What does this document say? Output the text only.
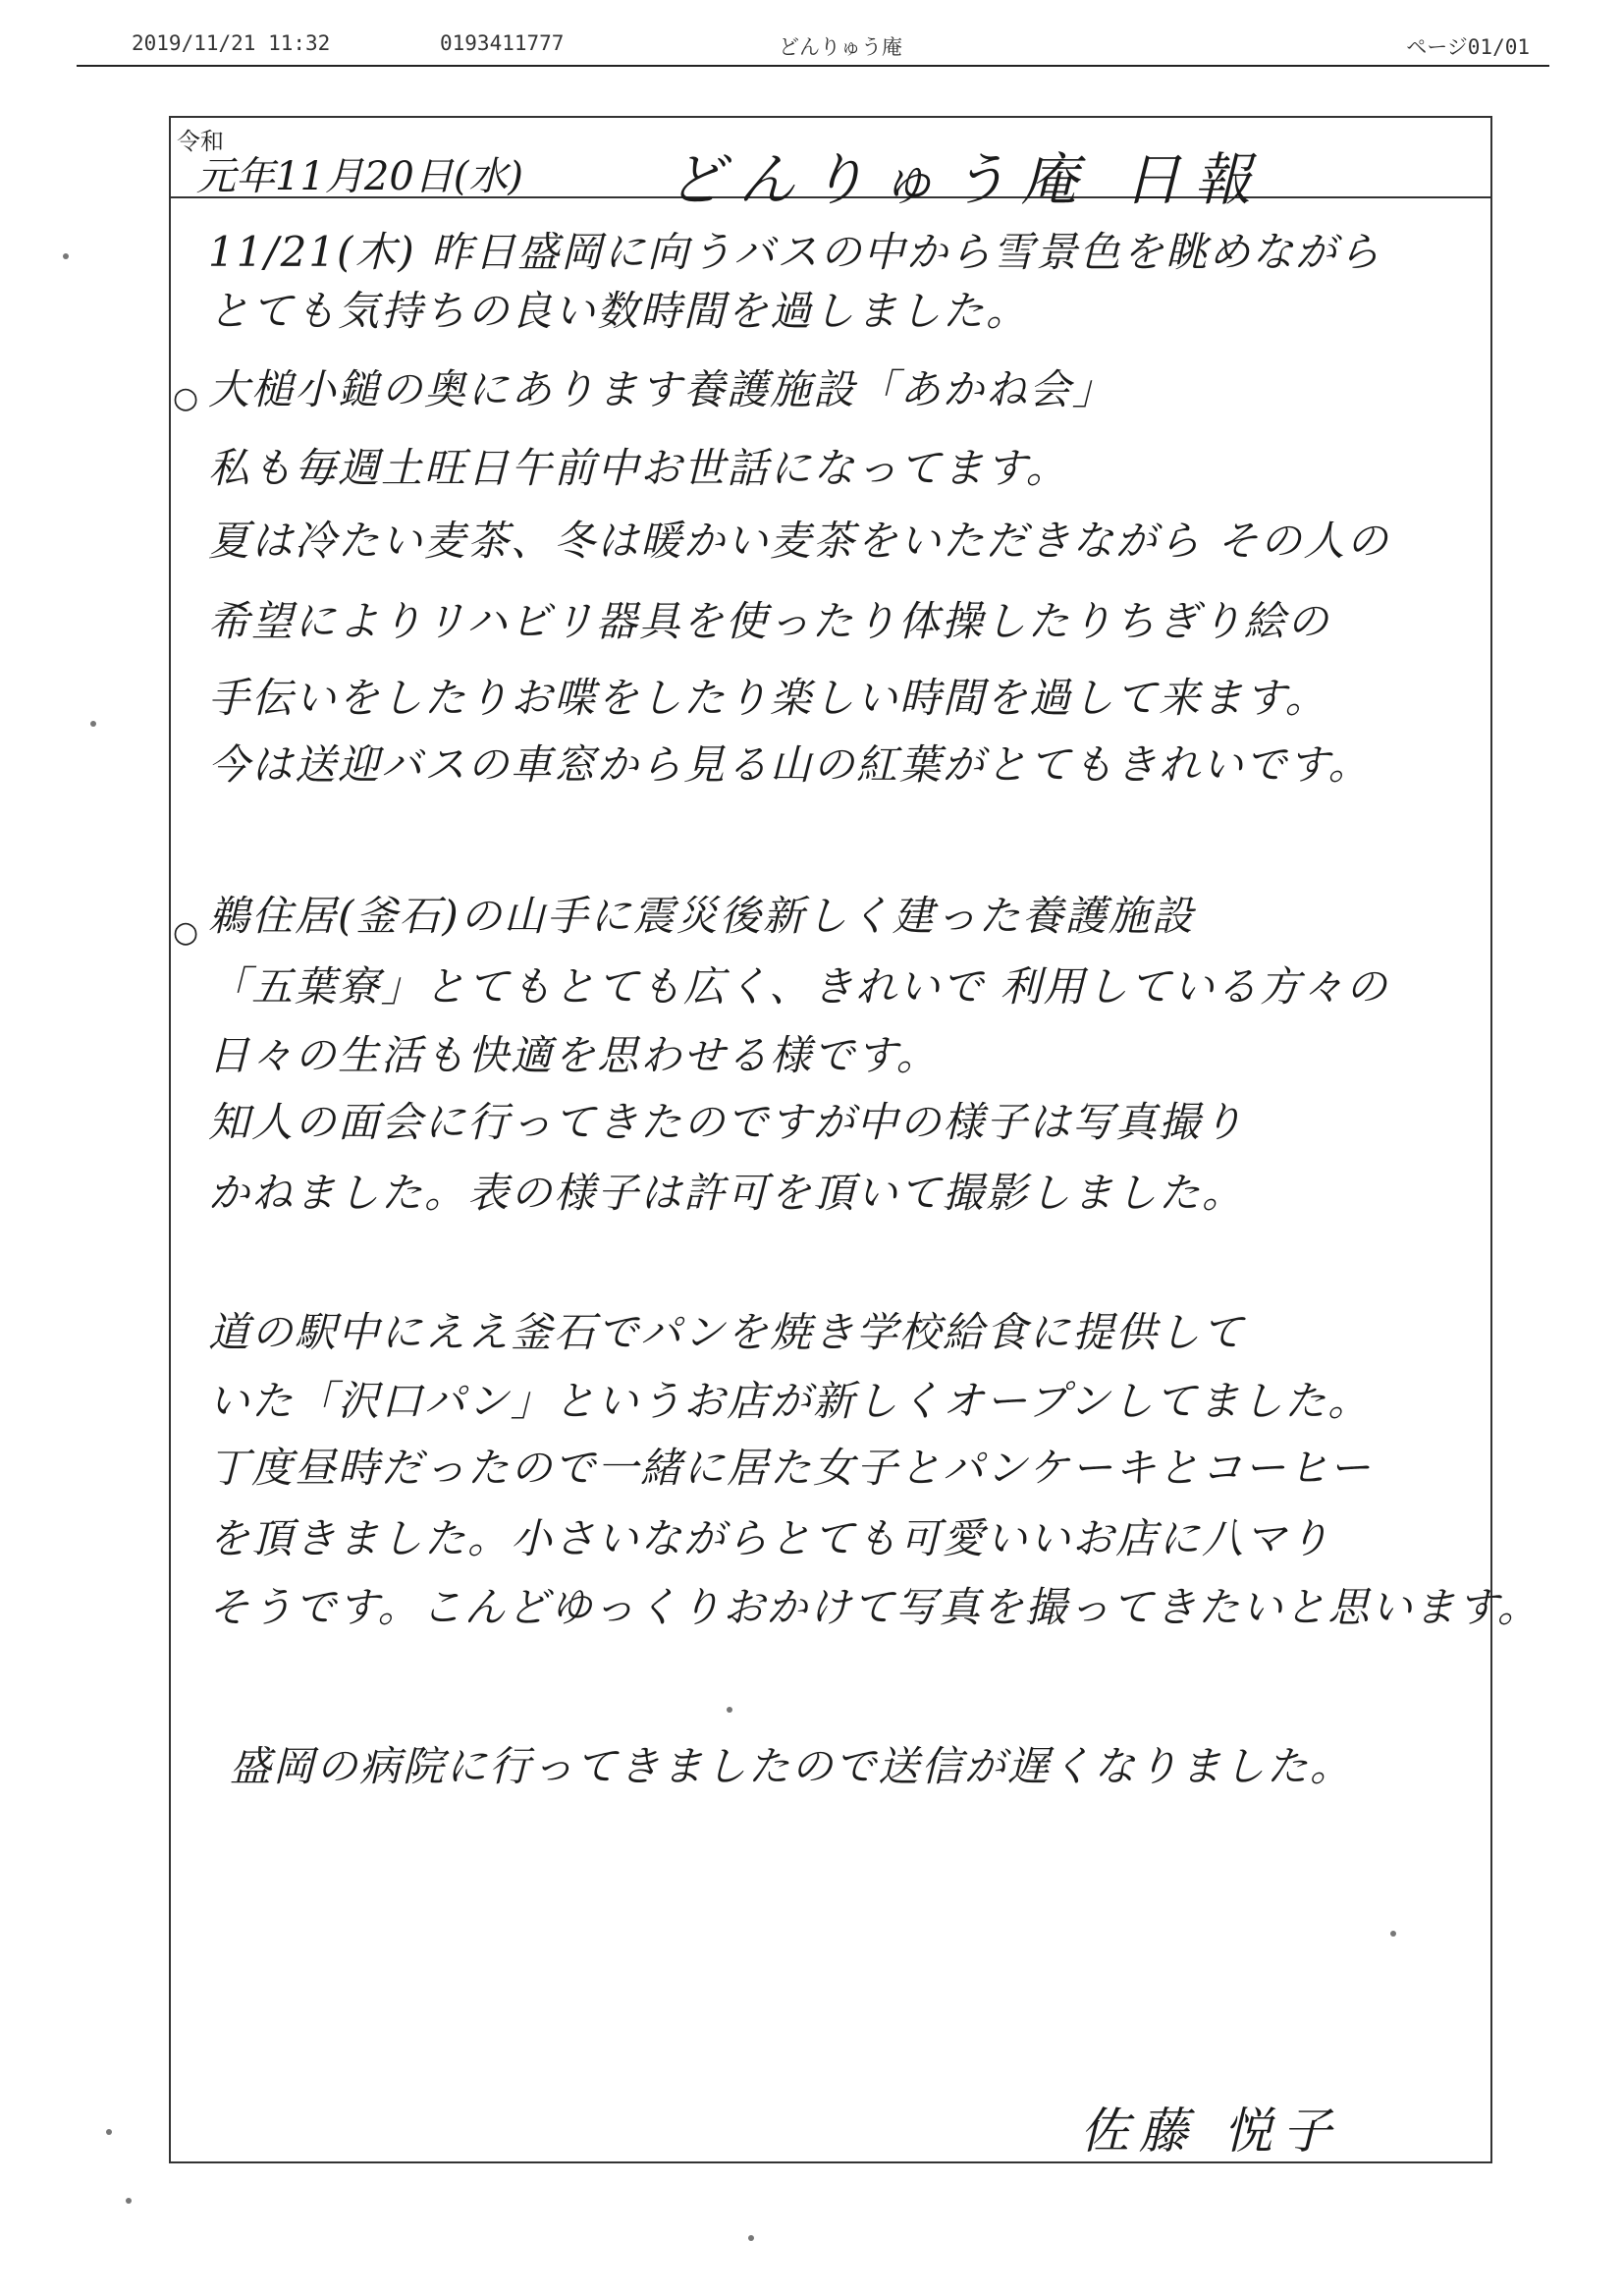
2019/11/21 11:32	0193411777	どんりゅう庵	ページ01/01
令和
元年11月20日(水)	どんりゅう庵 日報
11/21(木) 昨日盛岡に向うバスの中から雪景色を眺めながら
とても気持ちの良い数時間を過しました。
○ 大槌小鎚の奥にあります養護施設「あかね会」
私も毎週土旺日午前中お世話になってます。
夏は冷たい麦茶、冬は暖かい麦茶をいただきながら その人の
希望によりリハビリ器具を使ったり体操したりちぎり絵の
手伝いをしたりお喋をしたり楽しい時間を過して来ます。
今は送迎バスの車窓から見る山の紅葉がとてもきれいです。
○ 鵜住居(釜石)の山手に震災後新しく建った養護施設
「五葉寮」とてもとても広く、きれいで 利用している方々の
日々の生活も快適を思わせる様です。
知人の面会に行ってきたのですが中の様子は写真撮り
かねました。表の様子は許可を頂いて撮影しました。
道の駅中にええ釜石でパンを焼き学校給食に提供して
いた「沢口パン」というお店が新しくオープンしてました。
丁度昼時だったので一緒に居た女子とパンケーキとコーヒー
を頂きました。小さいながらとても可愛いいお店に八マり
そうです。こんどゆっくりおかけて写真を撮ってきたいと思います。
盛岡の病院に行ってきましたので送信が遅くなりました。
佐藤 悦子
